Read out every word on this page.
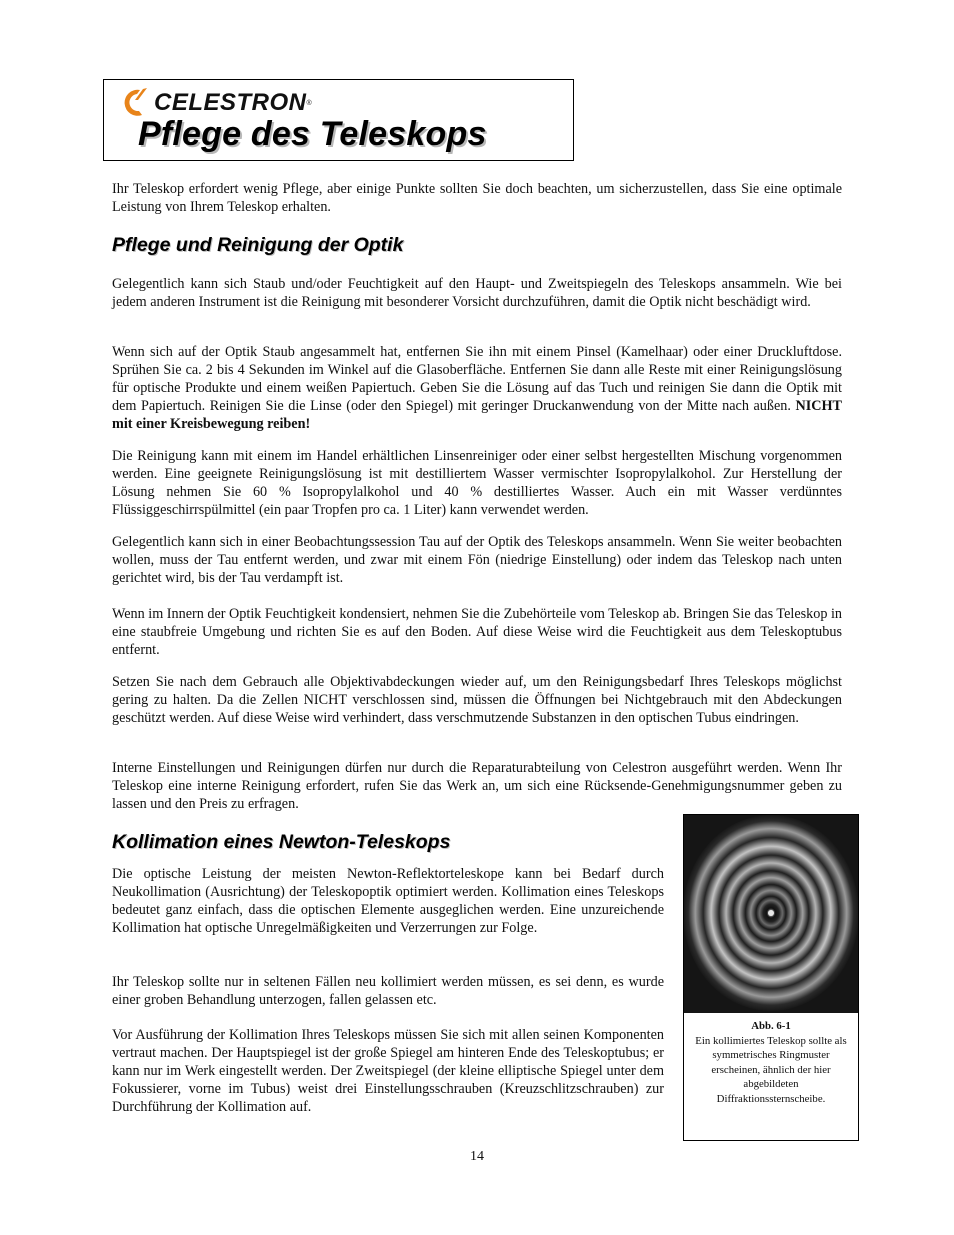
CELESTRON ®
Pflege des Teleskops

Ihr Teleskop erfordert wenig Pflege, aber einige Punkte sollten Sie doch beachten, um sicherzustellen, dass Sie eine optimale Leistung von Ihrem Teleskop erhalten.

Pflege und Reinigung der Optik

Gelegentlich kann sich Staub und/oder Feuchtigkeit auf den Haupt- und Zweitspiegeln des Teleskops ansammeln. Wie bei jedem anderen Instrument ist die Reinigung mit besonderer Vorsicht durchzuführen, damit die Optik nicht beschädigt wird.

Wenn sich auf der Optik Staub angesammelt hat, entfernen Sie ihn mit einem Pinsel (Kamelhaar) oder einer Druckluftdose. Sprühen Sie ca. 2 bis 4 Sekunden im Winkel auf die Glasoberfläche. Entfernen Sie dann alle Reste mit einer Reinigungslösung für optische Produkte und einem weißen Papiertuch. Geben Sie die Lösung auf das Tuch und reinigen Sie dann die Optik mit dem Papiertuch. Reinigen Sie die Linse (oder den Spiegel) mit geringer Druckanwendung von der Mitte nach außen. NICHT mit einer Kreisbewegung reiben!

Die Reinigung kann mit einem im Handel erhältlichen Linsenreiniger oder einer selbst hergestellten Mischung vorgenommen werden. Eine geeignete Reinigungslösung ist mit destilliertem Wasser vermischter Isopropylalkohol. Zur Herstellung der Lösung nehmen Sie 60 % Isopropylalkohol und 40 % destilliertes Wasser. Auch ein mit Wasser verdünntes Flüssiggeschirrspülmittel (ein paar Tropfen pro ca. 1 Liter) kann verwendet werden.

Gelegentlich kann sich in einer Beobachtungssession Tau auf der Optik des Teleskops ansammeln. Wenn Sie weiter beobachten wollen, muss der Tau entfernt werden, und zwar mit einem Fön (niedrige Einstellung) oder indem das Teleskop nach unten gerichtet wird, bis der Tau verdampft ist.

Wenn im Innern der Optik Feuchtigkeit kondensiert, nehmen Sie die Zubehörteile vom Teleskop ab. Bringen Sie das Teleskop in eine staubfreie Umgebung und richten Sie es auf den Boden. Auf diese Weise wird die Feuchtigkeit aus dem Teleskoptubus entfernt.

Setzen Sie nach dem Gebrauch alle Objektivabdeckungen wieder auf, um den Reinigungsbedarf Ihres Teleskops möglichst gering zu halten. Da die Zellen NICHT verschlossen sind, müssen die Öffnungen bei Nichtgebrauch mit den Abdeckungen geschützt werden. Auf diese Weise wird verhindert, dass verschmutzende Substanzen in den optischen Tubus eindringen.

Interne Einstellungen und Reinigungen dürfen nur durch die Reparaturabteilung von Celestron ausgeführt werden. Wenn Ihr Teleskop eine interne Reinigung erfordert, rufen Sie das Werk an, um sich eine Rücksende-Genehmigungsnummer geben zu lassen und den Preis zu erfragen.

Kollimation eines Newton-Teleskops

Die optische Leistung der meisten Newton-Reflektorteleskope kann bei Bedarf durch Neukollimation (Ausrichtung) der Teleskopoptik optimiert werden. Kollimation eines Teleskops bedeutet ganz einfach, dass die optischen Elemente ausgeglichen werden. Eine unzureichende Kollimation hat optische Unregelmäßigkeiten und Verzerrungen zur Folge.

Ihr Teleskop sollte nur in seltenen Fällen neu kollimiert werden müssen, es sei denn, es wurde einer groben Behandlung unterzogen, fallen gelassen etc.

Vor Ausführung der Kollimation Ihres Teleskops müssen Sie sich mit allen seinen Komponenten vertraut machen. Der Hauptspiegel ist der große Spiegel am hinteren Ende des Teleskoptubus; er kann nur im Werk eingestellt werden. Der Zweitspiegel (der kleine elliptische Spiegel unter dem Fokussierer, vorne im Tubus) weist drei Einstellungsschrauben (Kreuzschlitzschrauben) zur Durchführung der Kollimation auf.

Abb. 6-1
Ein kollimiertes Teleskop sollte als symmetrisches Ringmuster erscheinen, ähnlich der hier abgebildeten Diffraktionssternscheibe.
14
